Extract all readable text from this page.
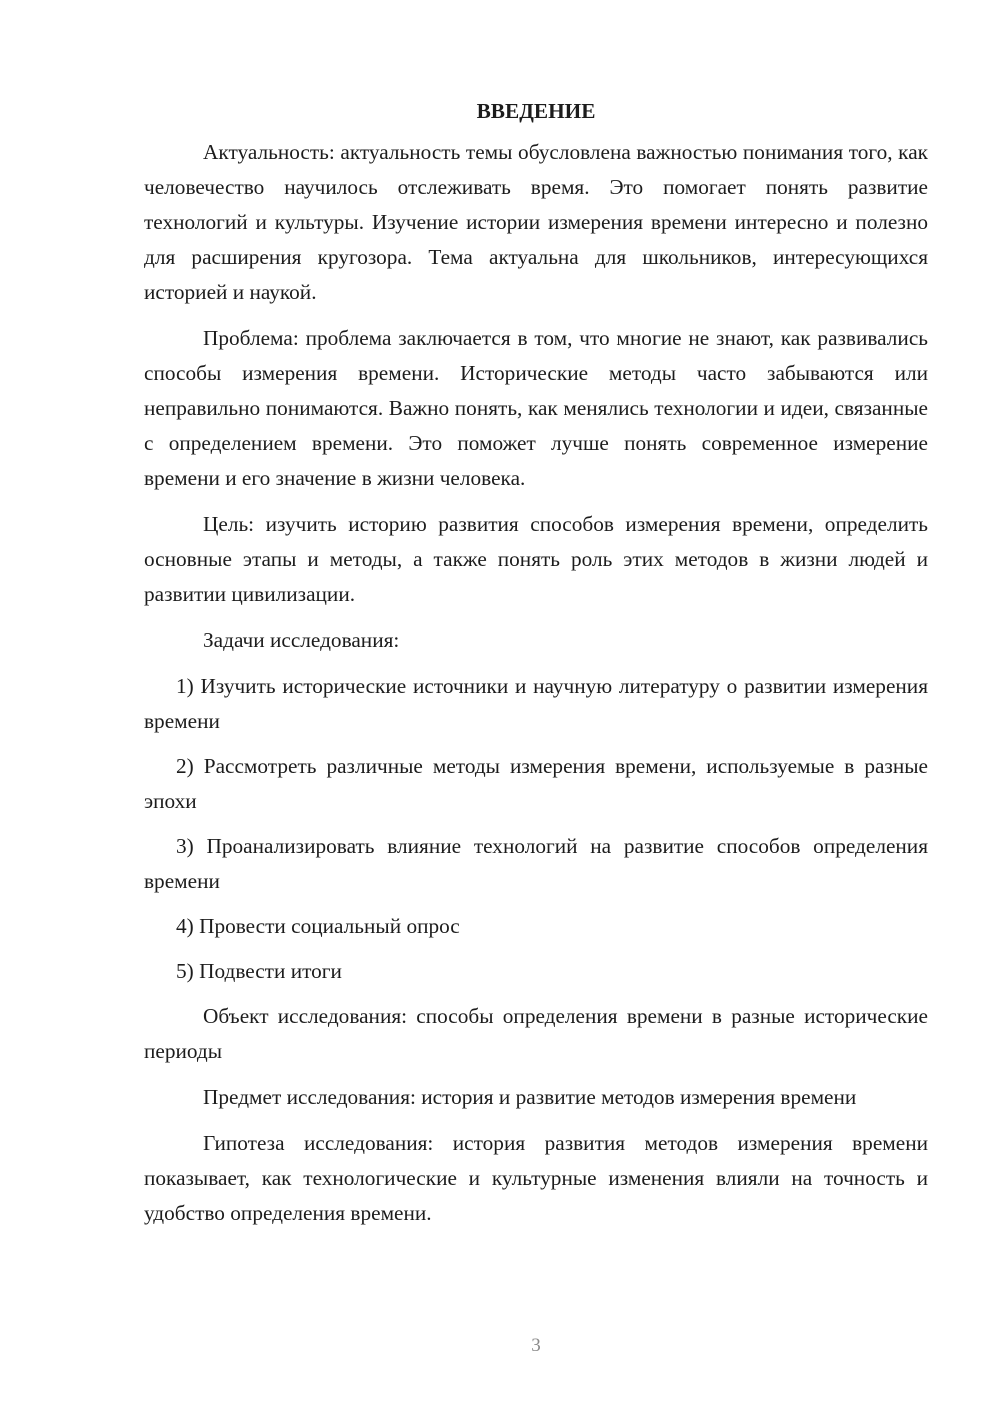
ВВЕДЕНИЕ

Актуальность: актуальность темы обусловлена важностью понимания того, как человечество научилось отслеживать время. Это помогает понять развитие технологий и культуры. Изучение истории измерения времени интересно и полезно для расширения кругозора. Тема актуальна для школьников, интересующихся историей и наукой.

Проблема: проблема заключается в том, что многие не знают, как развивались способы измерения времени. Исторические методы часто забываются или неправильно понимаются. Важно понять, как менялись технологии и идеи, связанные с определением времени. Это поможет лучше понять современное измерение времени и его значение в жизни человека.

Цель: изучить историю развития способов измерения времени, определить основные этапы и методы, а также понять роль этих методов в жизни людей и развитии цивилизации.

Задачи исследования:

1) Изучить исторические источники и научную литературу о развитии измерения времени

2) Рассмотреть различные методы измерения времени, используемые в разные эпохи

3) Проанализировать влияние технологий на развитие способов определения времени

4) Провести социальный опрос

5) Подвести итоги

Объект исследования: способы определения времени в разные исторические периоды

Предмет исследования: история и развитие методов измерения времени

Гипотеза исследования: история развития методов измерения времени показывает, как технологические и культурные изменения влияли на точность и удобство определения времени.

3
